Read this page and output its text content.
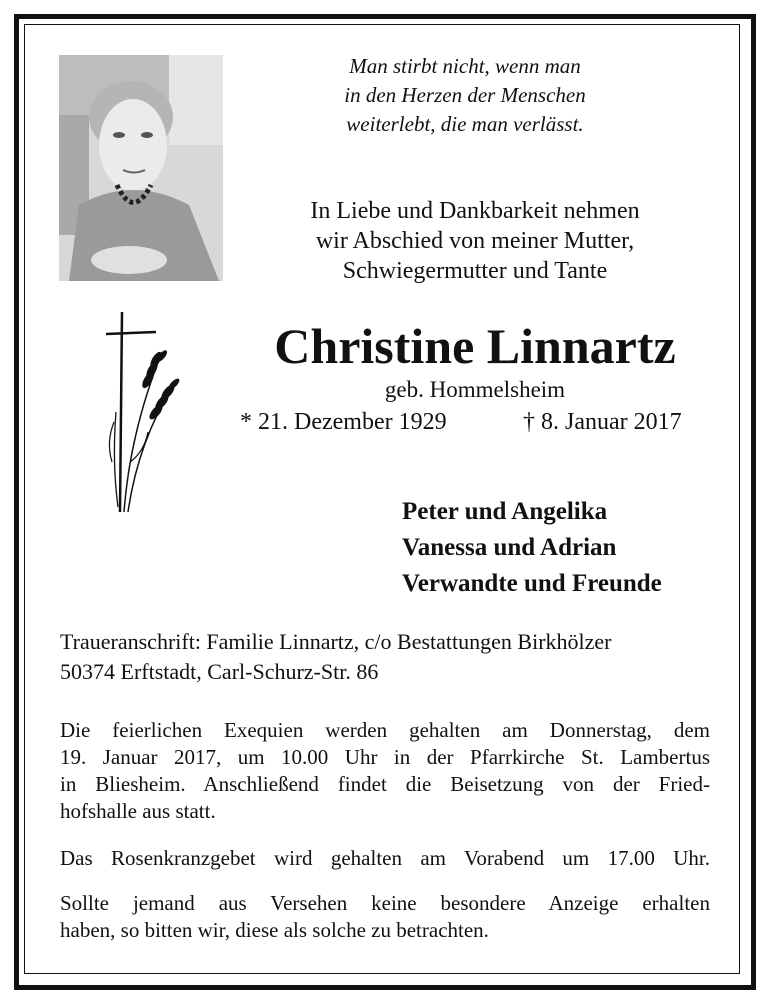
Man stirbt nicht, wenn man
in den Herzen der Menschen
weiterlebt, die man verlässt.
In Liebe und Dankbarkeit nehmen
wir Abschied von meiner Mutter,
Schwiegermutter und Tante
Christine Linnartz
geb. Hommelsheim
* 21. Dezember 1929	† 8. Januar 2017
Peter und Angelika
Vanessa und Adrian
Verwandte und Freunde
Traueranschrift: Familie Linnartz, c/o Bestattungen Birkhölzer
50374 Erftstadt, Carl-Schurz-Str. 86
Die feierlichen Exequien werden gehalten am Donnerstag, dem
19. Januar 2017, um 10.00 Uhr in der Pfarrkirche St. Lambertus
in Bliesheim. Anschließend findet die Beisetzung von der Fried-
hofshalle aus statt.
Das Rosenkranzgebet wird gehalten am Vorabend um 17.00 Uhr.
Sollte jemand aus Versehen keine besondere Anzeige erhalten
haben, so bitten wir, diese als solche zu betrachten.
